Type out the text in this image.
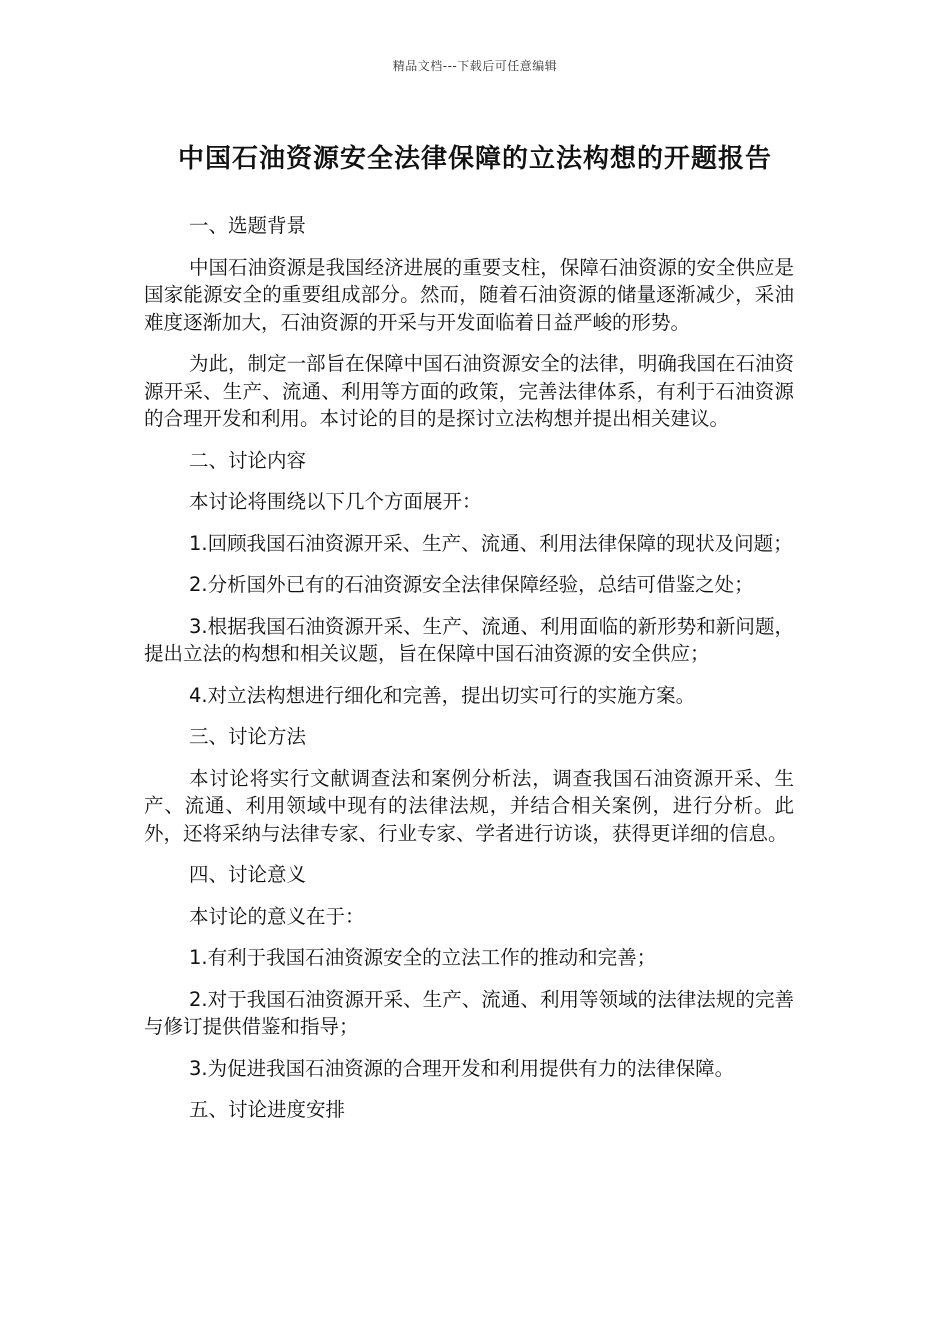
精品文档---下载后可任意编辑
中国石油资源安全法律保障的立法构想的开题报告

一、选题背景

中国石油资源是我国经济进展的重要支柱，保障石油资源的安全供应是国家能源安全的重要组成部分。然而，随着石油资源的储量逐渐减少，采油难度逐渐加大，石油资源的开采与开发面临着日益严峻的形势。

为此，制定一部旨在保障中国石油资源安全的法律，明确我国在石油资源开采、生产、流通、利用等方面的政策，完善法律体系，有利于石油资源的合理开发和利用。本讨论的目的是探讨立法构想并提出相关建议。

二、讨论内容

本讨论将围绕以下几个方面展开：

1.回顾我国石油资源开采、生产、流通、利用法律保障的现状及问题；

2.分析国外已有的石油资源安全法律保障经验，总结可借鉴之处；

3.根据我国石油资源开采、生产、流通、利用面临的新形势和新问题，提出立法的构想和相关议题，旨在保障中国石油资源的安全供应；

4.对立法构想进行细化和完善，提出切实可行的实施方案。

三、讨论方法

本讨论将实行文献调查法和案例分析法，调查我国石油资源开采、生产、流通、利用领域中现有的法律法规，并结合相关案例，进行分析。此外，还将采纳与法律专家、行业专家、学者进行访谈，获得更详细的信息。

四、讨论意义

本讨论的意义在于：

1.有利于我国石油资源安全的立法工作的推动和完善；

2.对于我国石油资源开采、生产、流通、利用等领域的法律法规的完善与修订提供借鉴和指导；

3.为促进我国石油资源的合理开发和利用提供有力的法律保障。

五、讨论进度安排
